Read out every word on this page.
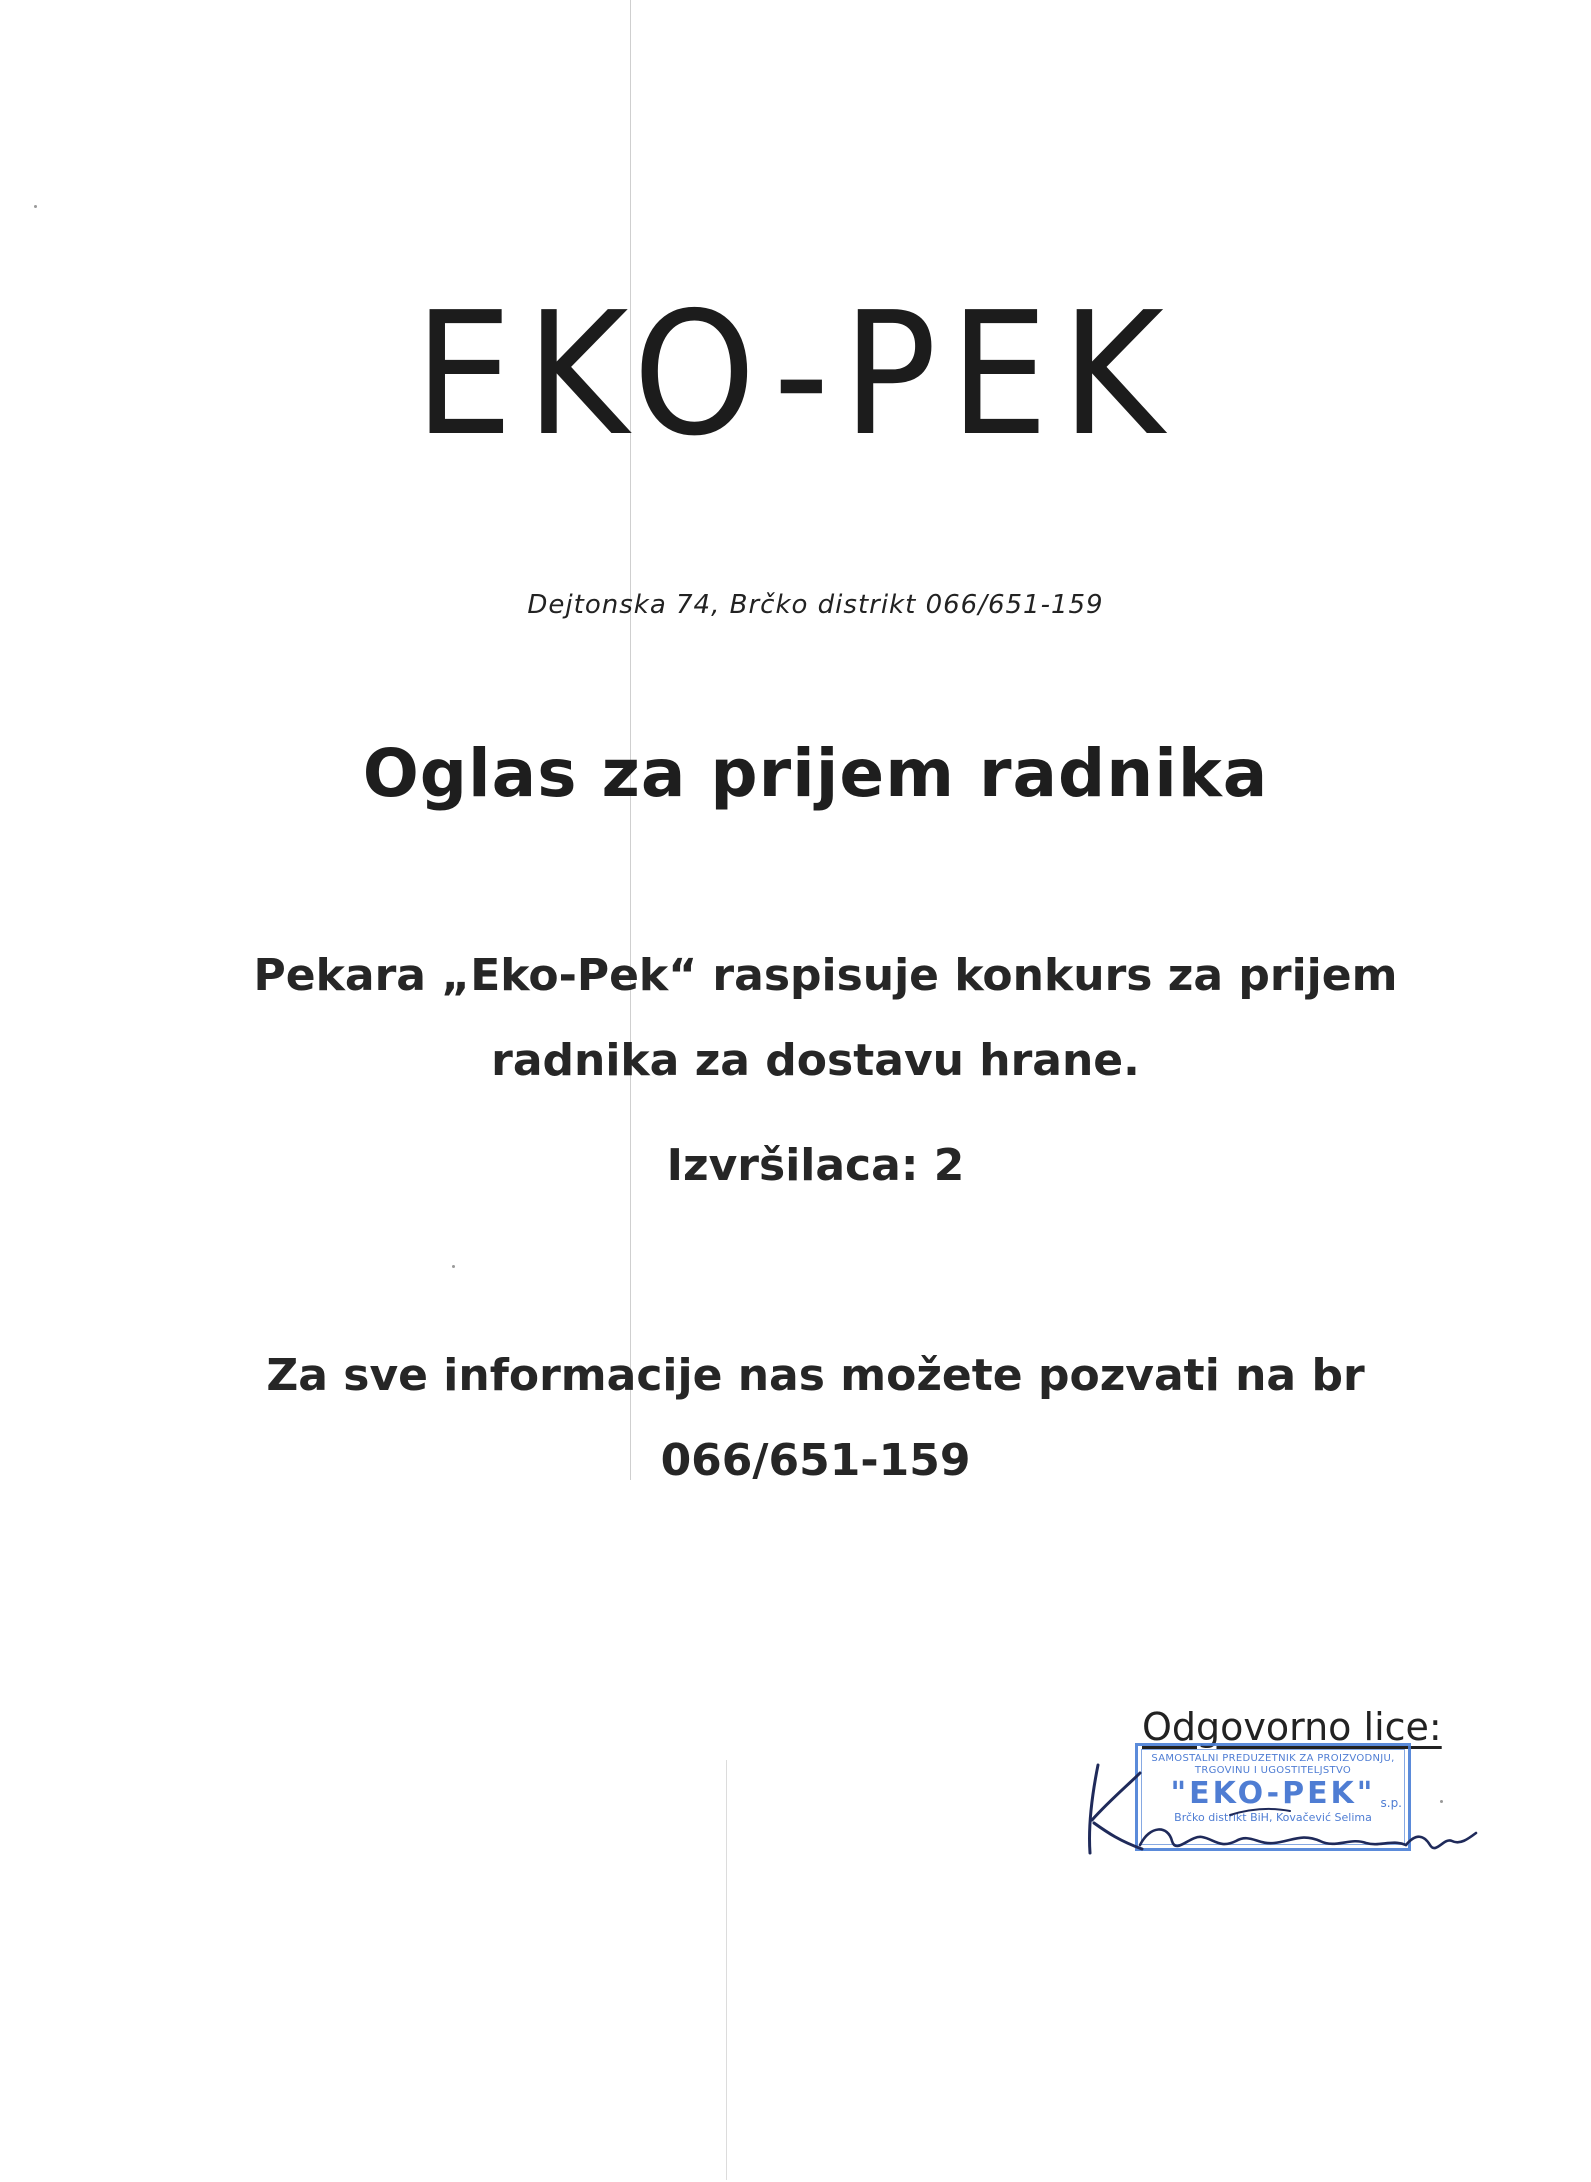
EKO-PEK
Dejtonska 74, Brčko distrikt 066/651-159
Oglas za prijem radnika
Pekara „Eko-Pek“ raspisuje konkurs za prijem
radnika za dostavu hrane.
Izvršilaca: 2
Za sve informacije nas možete pozvati na br
066/651-159
Odgovorno lice:
SAMOSTALNI PREDUZETNIK ZA PROIZVODNJU,
TRGOVINU I UGOSTITELJSTVO
"EKO-PEK" s.p.
Brčko distrikt BiH, Kovačević Selima
